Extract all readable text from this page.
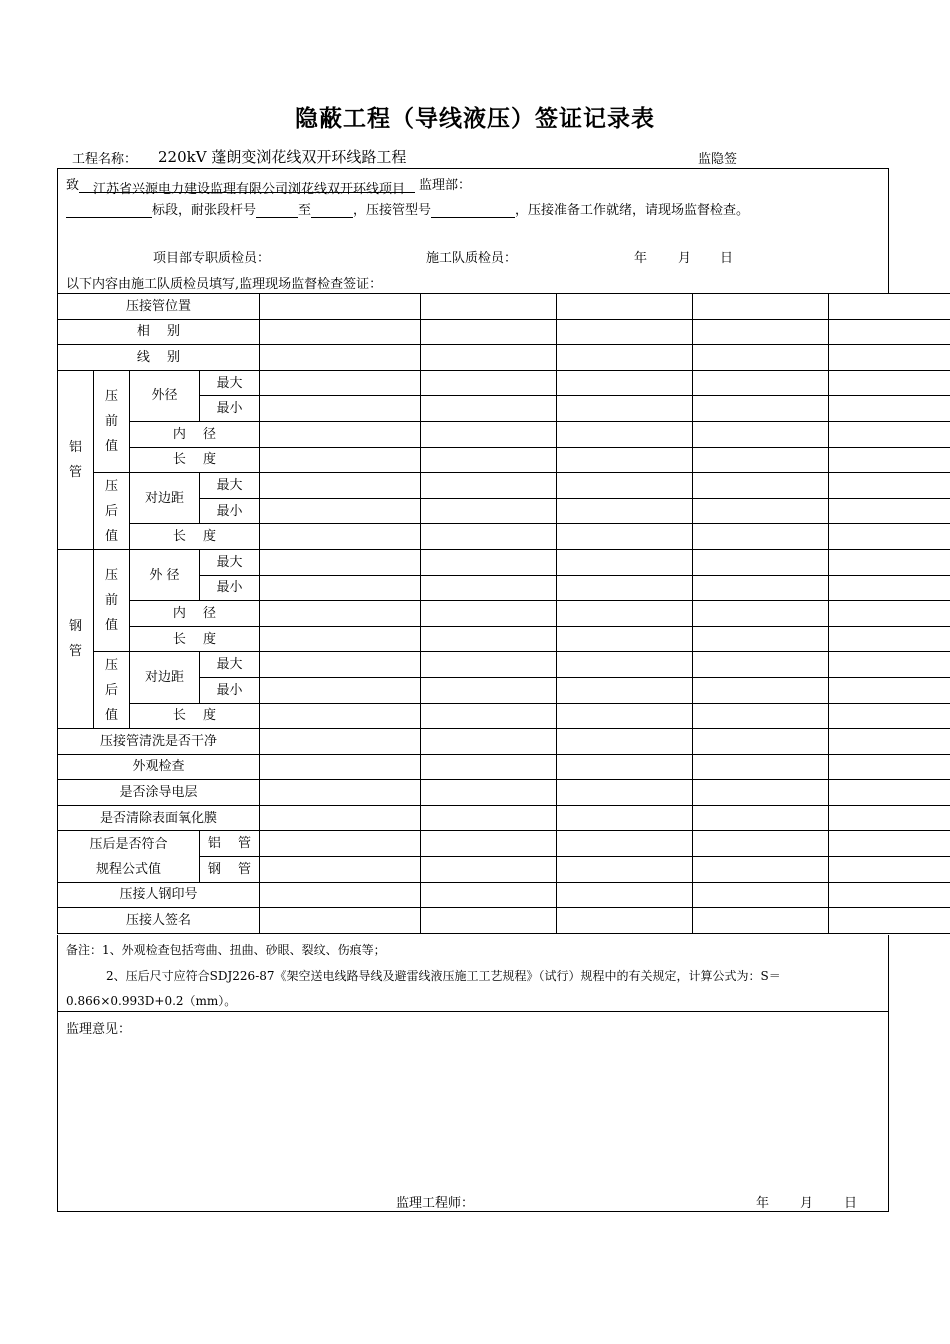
隐蔽工程（导线液压）签证记录表
工程名称： 220kV 蓬朗变浏花线双开环线路工程	监隐签
致 江苏省兴源电力建设监理有限公司浏花线双开环线项目 监理部：
标段，耐张段杆号	至	，压接管型号	，压接准备工作就绪，请现场监督检查。
项目部专职质检员：	施工队质检员：	年 月 日
以下内容由施工队质检员填写,监理现场监督检查签证：
压接管位置								
相　 别								
线　 别								

铝管	压前值	外径	最大					
			最小					
		内　 径						
		长　 度						

	压后值	对边距	最大					
			最小					
		长　 度						

钢管	压前值	外 径	最大					
			最小					
		内　 径						
		长　 度						

	压后值	对边距	最大					
			最小					
		长　 度						
压接管清洗是否干净								
外观检查								
是否涂导电层								
是否清除表面氧化膜								

压后是否符合
规程公式值			铝　 管					
			钢　 管					
压接人钢印号								
压接人签名								
备注：1、外观检查包括弯曲、扭曲、砂眼、裂纹、伤痕等；
2、压后尺寸应符合SDJ226-87《架空送电线路导线及避雷线液压施工工艺规程》（试行）规程中的有关规定，计算公式为：S＝
0.866×0.993D+0.2（mm）。
监理意见：
监理工程师：	年 月 日
